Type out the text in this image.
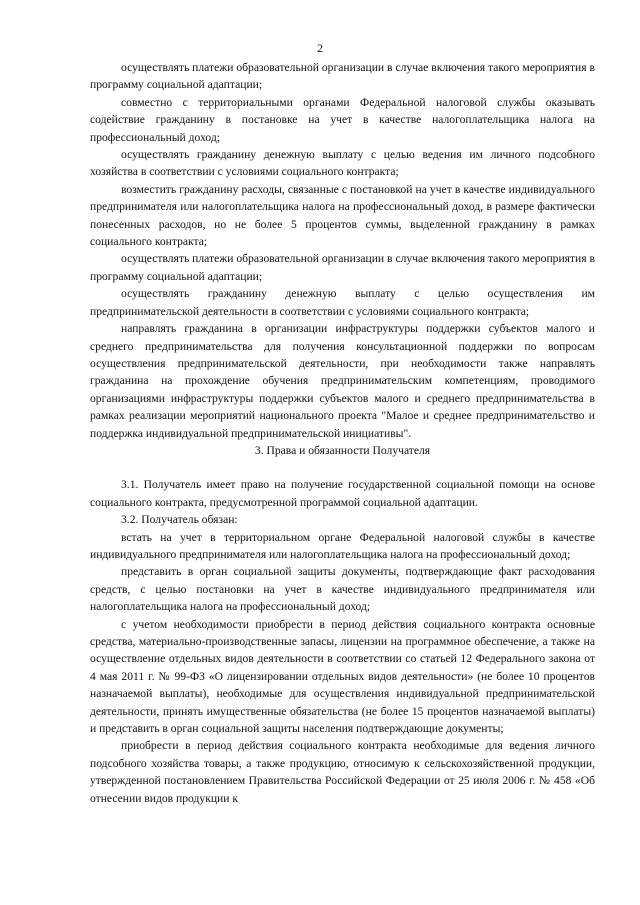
2

осуществлять платежи образовательной организации в случае включения такого мероприятия в программу социальной адаптации;

совместно с территориальными органами Федеральной налоговой службы оказывать содействие гражданину в постановке на учет в качестве налогоплательщика налога на профессиональный доход;

осуществлять гражданину денежную выплату с целью ведения им личного подсобного хозяйства в соответствии с условиями социального контракта;

возместить гражданину расходы, связанные с постановкой на учет в качестве индивидуального предпринимателя или налогоплательщика налога на профессиональный доход, в размере фактически понесенных расходов, но не более 5 процентов суммы, выделенной гражданину в рамках социального контракта;

осуществлять платежи образовательной организации в случае включения такого мероприятия в программу социальной адаптации;

осуществлять гражданину денежную выплату с целью осуществления им предпринимательской деятельности в соответствии с условиями социального контракта;

направлять гражданина в организации инфраструктуры поддержки субъектов малого и среднего предпринимательства для получения консультационной поддержки по вопросам осуществления предпринимательской деятельности, при необходимости также направлять гражданина на прохождение обучения предпринимательским компетенциям, проводимого организациями инфраструктуры поддержки субъектов малого и среднего предпринимательства в рамках реализации мероприятий национального проекта "Малое и среднее предпринимательство и поддержка индивидуальной предпринимательской инициативы".

3. Права и обязанности Получателя

3.1. Получатель имеет право на получение государственной социальной помощи на основе социального контракта, предусмотренной программой социальной адаптации.

3.2. Получатель обязан:

встать на учет в территориальном органе Федеральной налоговой службы в качестве индивидуального предпринимателя или налогоплательщика налога на профессиональный доход;

представить в орган социальной защиты документы, подтверждающие факт расходования средств, с целью постановки на учет в качестве индивидуального предпринимателя или налогоплательщика налога на профессиональный доход;

с учетом необходимости приобрести в период действия социального контракта основные средства, материально-производственные запасы, лицензии на программное обеспечение, а также на осуществление отдельных видов деятельности в соответствии со статьей 12 Федерального закона от 4 мая 2011 г. № 99-ФЗ «О лицензировании отдельных видов деятельности» (не более 10 процентов назначаемой выплаты), необходимые для осуществления индивидуальной предпринимательской деятельности, принять имущественные обязательства (не более 15 процентов назначаемой выплаты) и представить в орган социальной защиты населения подтверждающие документы;

приобрести в период действия социального контракта необходимые для ведения личного подсобного хозяйства товары, а также продукцию, относимую к сельскохозяйственной продукции, утвержденной постановлением Правительства Российской Федерации от 25 июля 2006 г. № 458 «Об отнесении видов продукции к
